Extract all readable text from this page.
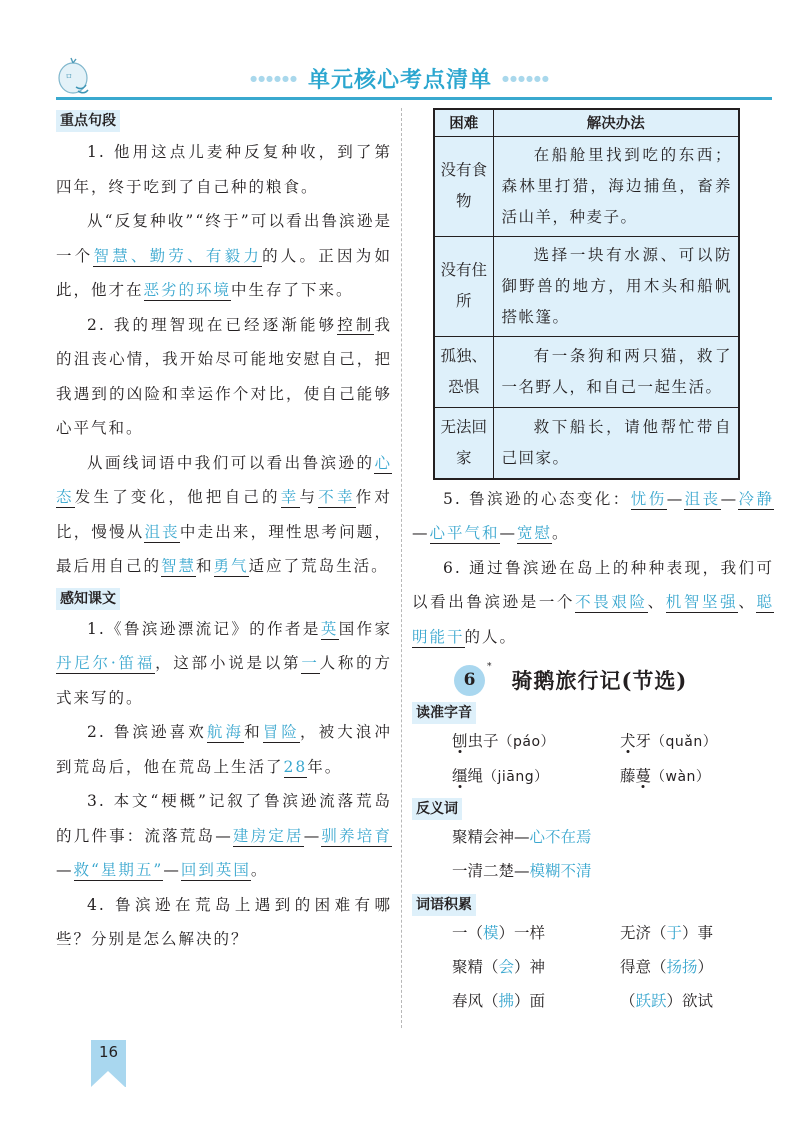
ㅁ	●●●●●● 单元核心考点清单 ●●●●●●
重点句段

1. 他用这点儿麦种反复种收，到了第四年，终于吃到了自己种的粮食。

从“反复种收”“终于”可以看出鲁滨逊是一个智慧、勤劳、有毅力的人。正因为如此，他才在恶劣的环境中生存了下来。

2. 我的理智现在已经逐渐能够控制我的沮丧心情，我开始尽可能地安慰自己，把我遇到的凶险和幸运作个对比，使自己能够心平气和。

从画线词语中我们可以看出鲁滨逊的心态发生了变化，他把自己的幸与不幸作对比，慢慢从沮丧中走出来，理性思考问题，最后用自己的智慧和勇气适应了荒岛生活。

感知课文

1.《鲁滨逊漂流记》的作者是英国作家丹尼尔·笛福，这部小说是以第一人称的方式来写的。

2. 鲁滨逊喜欢航海和冒险，被大浪冲到荒岛后，他在荒岛上生活了28年。

3. 本文“梗概”记叙了鲁滨逊流落荒岛的几件事：流落荒岛—建房定居—驯养培育—救“星期五”—回到英国。

4. 鲁滨逊在荒岛上遇到的困难有哪些？分别是怎么解决的？

困难	解决办法
没有食物	在船舱里找到吃的东西；森林里打猎，海边捕鱼，畜养活山羊，种麦子。
没有住所	选择一块有水源、可以防御野兽的地方，用木头和船帆搭帐篷。
孤独、恐惧	有一条狗和两只猫，救了一名野人，和自己一起生活。
无法回家	救下船长，请他帮忙带自己回家。

5. 鲁滨逊的心态变化：忧伤—沮丧—冷静—心平气和—宽慰。

6. 通过鲁滨逊在岛上的种种表现，我们可以看出鲁滨逊是一个不畏艰险、机智坚强、聪明能干的人。

6
*
骑鹅旅行记(节选)
读准字音
刨虫子（páo）	犬牙（quǎn）
缰绳（jiāng）	藤蔓（wàn）
反义词
聚精会神— 心不在焉
一清二楚— 模糊不清
词语积累
一（模）一样	无济（于）事
聚精（会）神	得意（扬扬）
春风（拂）面	（跃跃）欲试
16
